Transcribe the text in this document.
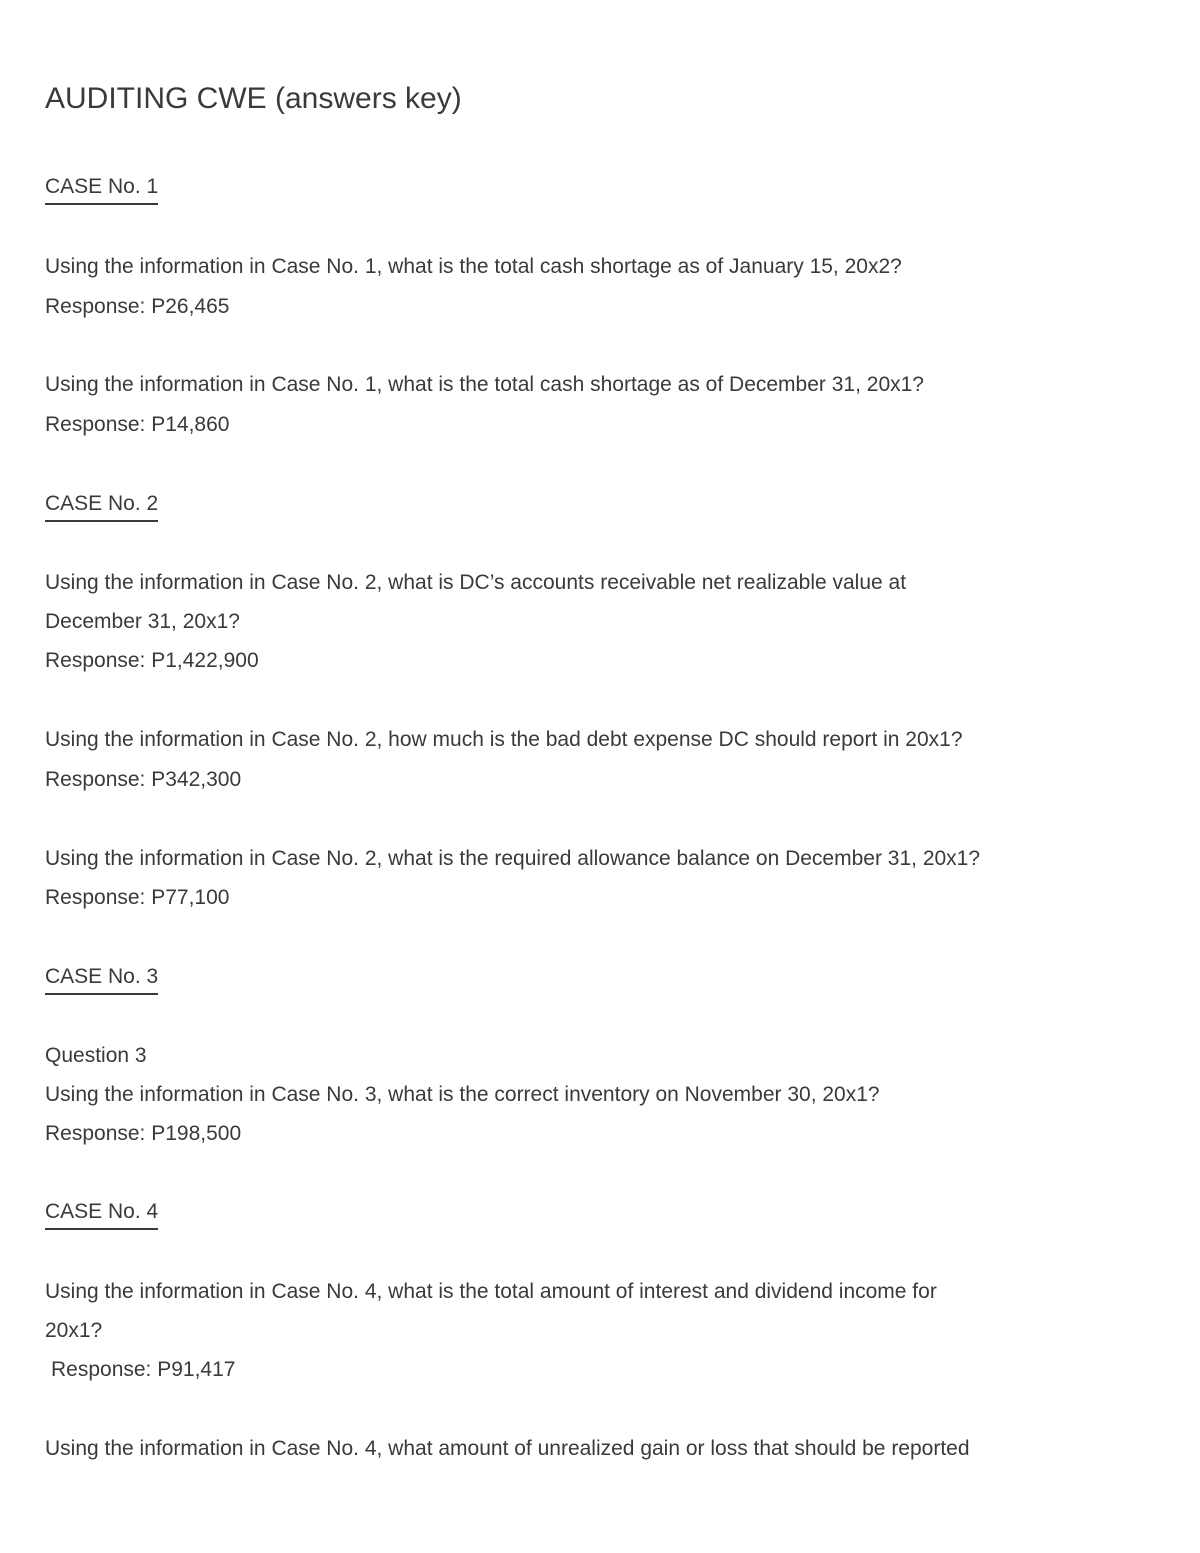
AUDITING CWE (answers key)
CASE No. 1
Using the information in Case No. 1, what is the total cash shortage as of January 15, 20x2?
Response: P26,465
Using the information in Case No. 1, what is the total cash shortage as of December 31, 20x1?
Response: P14,860
CASE No. 2
Using the information in Case No. 2, what is DC’s accounts receivable net realizable value at
December 31, 20x1?
Response: P1,422,900
Using the information in Case No. 2, how much is the bad debt expense DC should report in 20x1?
Response: P342,300
Using the information in Case No. 2, what is the required allowance balance on December 31, 20x1?
Response: P77,100
CASE No. 3
Question 3
Using the information in Case No. 3, what is the correct inventory on November 30, 20x1?
Response: P198,500
CASE No. 4
Using the information in Case No. 4, what is the total amount of interest and dividend income for
20x1?
Response: P91,417
Using the information in Case No. 4, what amount of unrealized gain or loss that should be reported
